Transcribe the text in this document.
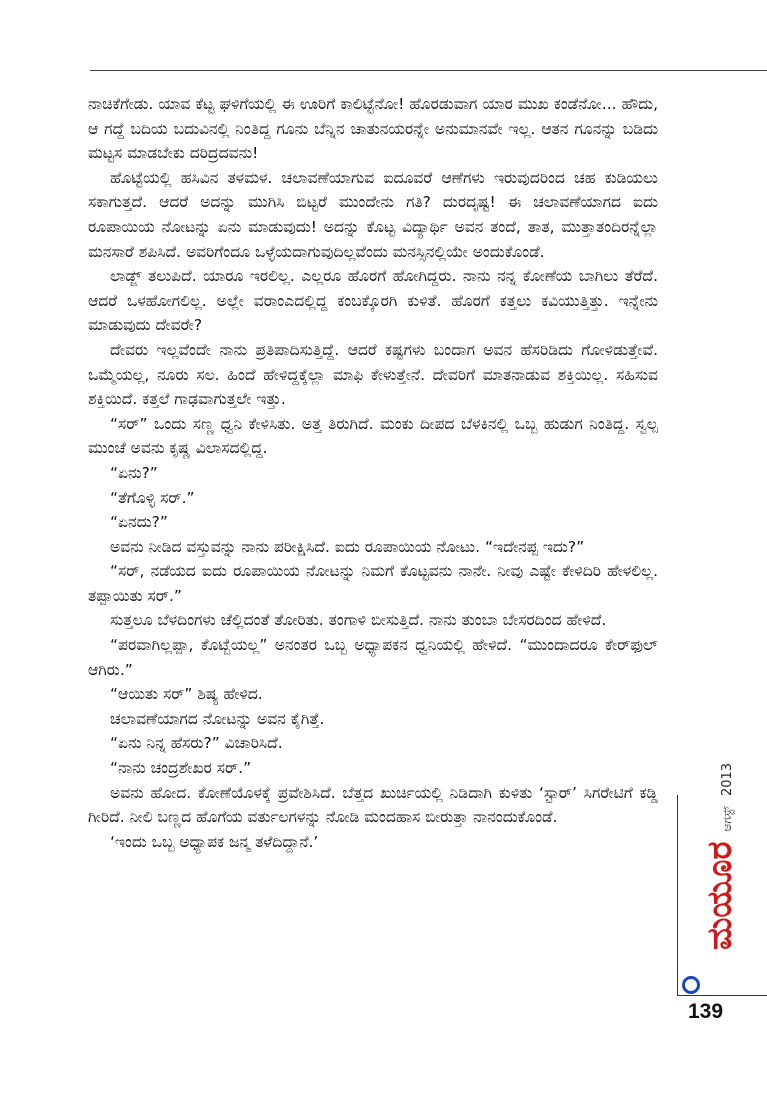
ನಾಚಿಕೆಗೇಡು. ಯಾವ ಕೆಟ್ಟ ಘಳಿಗೆಯಲ್ಲಿ ಈ ಊರಿಗೆ ಕಾಲಿಟ್ಟೆನೋ! ಹೊರಡುವಾಗ ಯಾರ ಮುಖ ಕಂಡೆನೋ... ಹೌದು, ಆ ಗದ್ದೆ ಬದಿಯ ಬದುವಿನಲ್ಲಿ ನಿಂತಿದ್ದ ಗೂನು ಬೆನ್ನಿನ ಚಾತುನಯರನ್ನೇ ಅನುಮಾನವೇ ಇಲ್ಲ. ಆತನ ಗೂನನ್ನು ಬಡಿದು ಮಟ್ಟಸ ಮಾಡಬೇಕು ದರಿದ್ರದವನು!

ಹೊಟ್ಟೆಯಲ್ಲಿ ಹಸಿವಿನ ತಳಮಳ. ಚಲಾವಣೆಯಾಗುವ ಐದೂವರೆ ಆಣೆಗಳು ಇರುವುದರಿಂದ ಚಹ ಕುಡಿಯಲು ಸಕಾಗುತ್ತದೆ. ಆದರೆ ಅದನ್ನು ಮುಗಿಸಿ ಬಿಟ್ಟರೆ ಮುಂದೇನು ಗತಿ? ದುರದೃಷ್ಟ! ಈ ಚಲಾವಣೆಯಾಗದ ಐದು ರೂಪಾಯಿಯ ನೋಟನ್ನು ಏನು ಮಾಡುವುದು! ಅದನ್ನು ಕೊಟ್ಟ ವಿದ್ಯಾರ್ಥಿ ಅವನ ತಂದೆ, ತಾತ, ಮುತ್ತಾತಂದಿರನ್ನೆಲ್ಲಾ ಮನಸಾರೆ ಶಪಿಸಿದೆ. ಅವರಿಗೆಂದೂ ಒಳ್ಳೆಯದಾಗುವುದಿಲ್ಲವೆಂದು ಮನಸ್ಸಿನಲ್ಲಿಯೇ ಅಂದುಕೊಂಡೆ.

ಲಾಡ್ಜ್ ತಲುಪಿದೆ. ಯಾರೂ ಇರಲಿಲ್ಲ. ಎಲ್ಲರೂ ಹೊರಗೆ ಹೋಗಿದ್ದರು. ನಾನು ನನ್ನ ಕೋಣೆಯ ಬಾಗಿಲು ತೆರೆದೆ. ಆದರೆ ಒಳಹೋಗಲಿಲ್ಲ. ಅಲ್ಲೇ ವರಾಂಎದಲ್ಲಿದ್ದ ಕಂಬಕ್ಕೊರಗಿ ಕುಳಿತೆ. ಹೊರಗೆ ಕತ್ತಲು ಕವಿಯುತ್ತಿತ್ತು. ಇನ್ನೇನು ಮಾಡುವುದು ದೇವರೇ?

ದೇವರು ಇಲ್ಲವೆಂದೇ ನಾನು ಪ್ರತಿಪಾದಿಸುತ್ತಿದ್ದೆ. ಆದರೆ ಕಷ್ಟಗಳು ಬಂದಾಗ ಅವನ ಹೆಸರಿಡಿದು ಗೋಳಿಡುತ್ತೇವೆ. ಒಮ್ಮೆಯಲ್ಲ, ನೂರು ಸಲ. ಹಿಂದೆ ಹೇಳಿದ್ದಕ್ಕೆಲ್ಲಾ ಮಾಫಿ ಕೇಳುತ್ತೇನೆ. ದೇವರಿಗೆ ಮಾತನಾಡುವ ಶಕ್ತಿಯಿಲ್ಲ. ಸಹಿಸುವ ಶಕ್ತಿಯಿದೆ. ಕತ್ತಲೆ ಗಾಢವಾಗುತ್ತಲೇ ಇತ್ತು.

“ಸರ್” ಒಂದು ಸಣ್ಣ ಧ್ವನಿ ಕೇಳಿಸಿತು. ಅತ್ತ ತಿರುಗಿದೆ. ಮಂಕು ದೀಪದ ಬೆಳಕಿನಲ್ಲಿ ಒಬ್ಬ ಹುಡುಗ ನಿಂತಿದ್ದ. ಸ್ವಲ್ಪ ಮುಂಚೆ ಅವನು ಕೃಷ್ಣ ವಿಲಾಸದಲ್ಲಿದ್ದ.

“ಏನು?”

“ತೆಗೊಳ್ಳಿ ಸರ್.”

“ಏನದು?”

ಅವನು ನೀಡಿದ ವಸ್ತುವನ್ನು ನಾನು ಪರೀಕ್ಷಿಸಿದೆ. ಐದು ರೂಪಾಯಿಯ ನೋಟು. “ಇದೇನಪ್ಪ ಇದು?”

“ಸರ್, ನಡೆಯದ ಐದು ರೂಪಾಯಿಯ ನೋಟನ್ನು ನಿಮಗೆ ಕೊಟ್ಟವನು ನಾನೇ. ನೀವು ಎಷ್ಟೇ ಕೇಳಿದಿರಿ ಹೇಳಲಿಲ್ಲ. ತಪ್ಪಾಯಿತು ಸರ್.”

ಸುತ್ತಲೂ ಬೆಳದಿಂಗಳು ಚೆಲ್ಲಿದಂತೆ ತೋರಿತು. ತಂಗಾಳಿ ಬೀಸುತ್ತಿದೆ. ನಾನು ತುಂಬಾ ಬೇಸರದಿಂದ ಹೇಳಿದೆ.

“ಪರವಾಗಿಲ್ಲಪ್ಪಾ, ಕೊಟ್ಬೆಯಲ್ಲ” ಅನಂತರ ಒಬ್ಬ ಅಧ್ಯಾಪಕನ ಧ್ವನಿಯಲ್ಲಿ ಹೇಳಿದೆ. “ಮುಂದಾದರೂ ಕೇರ್‌ಫುಲ್ ಆಗಿರು.”

“ಆಯಿತು ಸರ್” ಶಿಷ್ಯ ಹೇಳಿದ.

ಚಲಾವಣೆಯಾಗದ ನೋಟನ್ನು ಅವನ ಕೈಗಿತ್ತೆ.

“ಏನು ನಿನ್ನ ಹೆಸರು?” ವಿಚಾರಿಸಿದೆ.

“ನಾನು ಚಂದ್ರಶೇಖರ ಸರ್.”

ಅವನು ಹೋದ. ಕೋಣೆಯೊಳಕ್ಕೆ ಪ್ರವೇಶಿಸಿದೆ. ಬೆತ್ತದ ಖುರ್ಚಿಯಲ್ಲಿ ನಿಡಿದಾಗಿ ಕುಳಿತು ‘ಸ್ಟಾರ್’ ಸಿಗರೇಟಿಗೆ ಕಡ್ಡಿ ಗೀರಿದೆ. ನೀಲಿ ಬಣ್ಣದ ಹೊಗೆಯ ವರ್ತುಲಗಳನ್ನು ನೋಡಿ ಮಂದಹಾಸ ಬೀರುತ್ತಾ ನಾನಂದುಕೊಂಡೆ.

‘ಇಂದು ಒಬ್ಬ ಅಧ್ಯಾಪಕ ಜನ್ಮ ತಳೆದಿದ್ದಾನೆ.’	ಮಯೂರ
ಆಗಸ್ಟ್
2013
139
